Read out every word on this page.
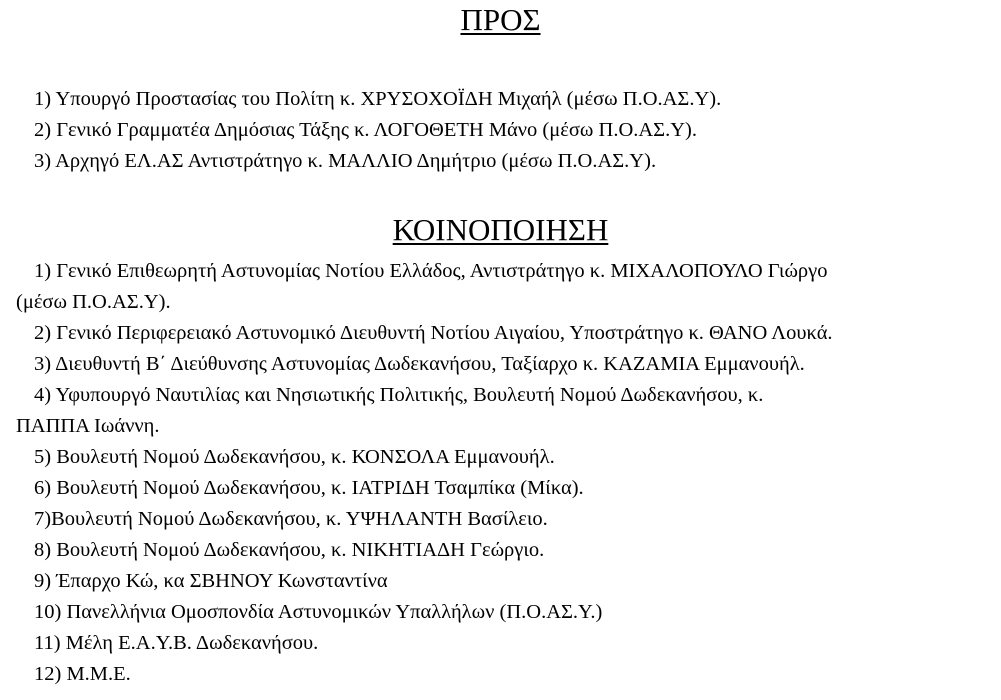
ΠΡΟΣ
1) Υπουργό Προστασίας του Πολίτη κ. ΧΡΥΣΟΧΟΪΔΗ Μιχαήλ (μέσω Π.Ο.ΑΣ.Υ).
2) Γενικό Γραμματέα Δημόσιας Τάξης κ. ΛΟΓΟΘΕΤΗ Μάνο (μέσω Π.Ο.ΑΣ.Υ).
3) Αρχηγό ΕΛ.ΑΣ Αντιστράτηγο κ. ΜΑΛΛΙΟ Δημήτριο (μέσω Π.Ο.ΑΣ.Υ).
ΚΟΙΝΟΠΟΙΗΣΗ
1) Γενικό Επιθεωρητή Αστυνομίας Νοτίου Ελλάδος, Αντιστράτηγο κ. ΜΙΧΑΛΟΠΟΥΛΟ Γιώργο
(μέσω Π.Ο.ΑΣ.Υ).
2) Γενικό Περιφερειακό Αστυνομικό Διευθυντή Νοτίου Αιγαίου, Υποστράτηγο κ. ΘΑΝΟ Λουκά.
3) Διευθυντή Β΄ Διεύθυνσης Αστυνομίας Δωδεκανήσου, Ταξίαρχο κ. ΚΑΖΑΜΙΑ Εμμανουήλ.
4) Υφυπουργό Ναυτιλίας και Νησιωτικής Πολιτικής, Βουλευτή Νομού Δωδεκανήσου, κ.
ΠΑΠΠΑ Ιωάννη.
5) Βουλευτή Νομού Δωδεκανήσου, κ. ΚΟΝΣΟΛΑ Εμμανουήλ.
6) Βουλευτή Νομού Δωδεκανήσου, κ. ΙΑΤΡΙΔΗ Τσαμπίκα (Μίκα).
7)Βουλευτή Νομού Δωδεκανήσου, κ. ΥΨΗΛΑΝΤΗ Βασίλειο.
8) Βουλευτή Νομού Δωδεκανήσου, κ. ΝΙΚΗΤΙΑΔΗ Γεώργιο.
9) Έπαρχο Κώ, κα ΣΒΗΝΟΥ Κωνσταντίνα
10) Πανελλήνια Ομοσπονδία Αστυνομικών Υπαλλήλων (Π.Ο.ΑΣ.Υ.)
11) Μέλη Ε.Α.Υ.Β. Δωδεκανήσου.
12) Μ.Μ.Ε.
